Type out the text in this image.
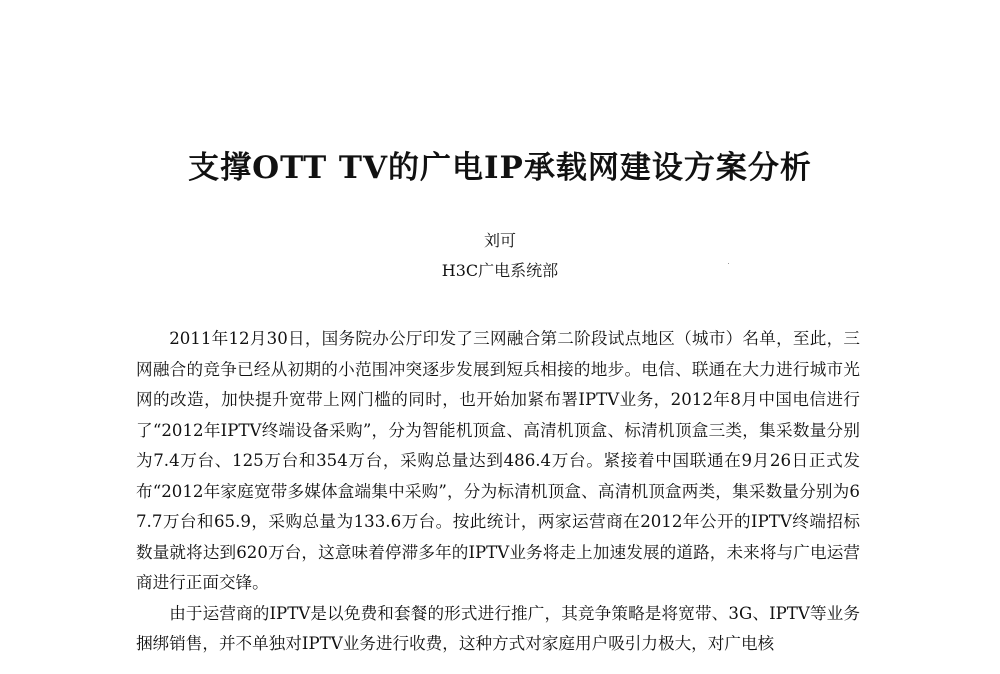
支撑OTT TV的广电IP承载网建设方案分析
刘可
H3C广电系统部

2011年12月30日，国务院办公厅印发了三网融合第二阶段试点地区（城市）名单，至此，三网融合的竞争已经从初期的小范围冲突逐步发展到短兵相接的地步。电信、联通在大力进行城市光网的改造，加快提升宽带上网门槛的同时，也开始加紧布署IPTV业务，2012年8月中国电信进行了“2012年IPTV终端设备采购”，分为智能机顶盒、高清机顶盒、标清机顶盒三类，集采数量分别为7.4万台、125万台和354万台，采购总量达到486.4万台。紧接着中国联通在9月26日正式发布“2012年家庭宽带多媒体盒端集中采购”，分为标清机顶盒、高清机顶盒两类，集采数量分别为67.7万台和65.9，采购总量为133.6万台。按此统计，两家运营商在2012年公开的IPTV终端招标数量就将达到620万台，这意味着停滞多年的IPTV业务将走上加速发展的道路，未来将与广电运营商进行正面交锋。

由于运营商的IPTV是以免费和套餐的形式进行推广，其竞争策略是将宽带、3G、IPTV等业务捆绑销售，并不单独对IPTV业务进行收费，这种方式对家庭用户吸引力极大，对广电核
